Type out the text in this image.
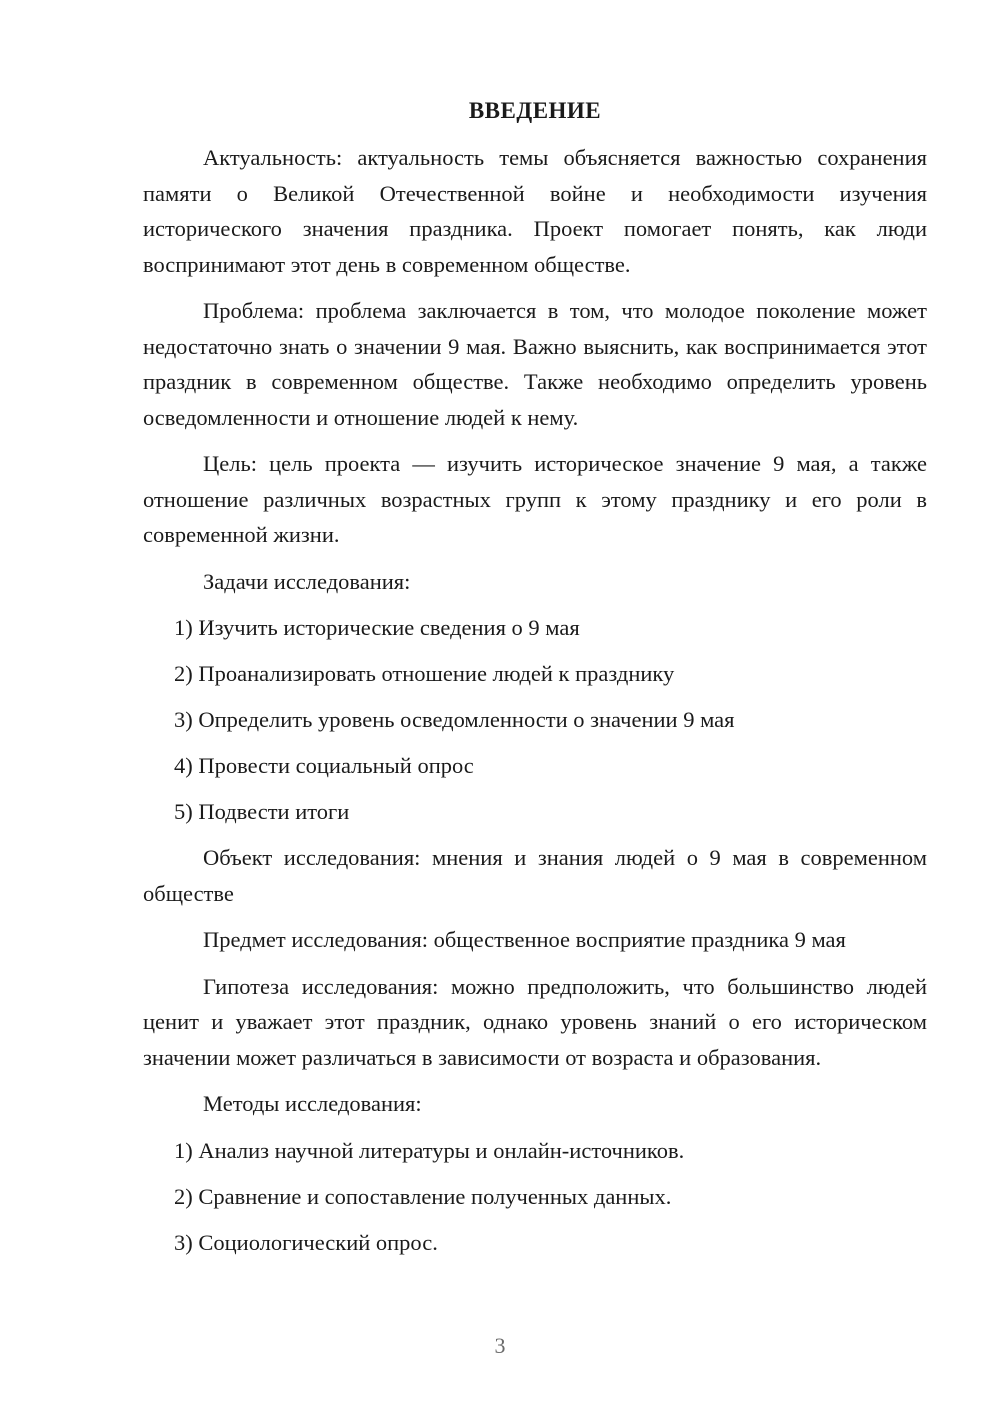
ВВЕДЕНИЕ

Актуальность: актуальность темы объясняется важностью сохранения памяти о Великой Отечественной войне и необходимости изучения исторического значения праздника. Проект помогает понять, как люди воспринимают этот день в современном обществе.

Проблема: проблема заключается в том, что молодое поколение может недостаточно знать о значении 9 мая. Важно выяснить, как воспринимается этот праздник в современном обществе. Также необходимо определить уровень осведомленности и отношение людей к нему.

Цель: цель проекта — изучить историческое значение 9 мая, а также отношение различных возрастных групп к этому празднику и его роли в современной жизни.

Задачи исследования:

1) Изучить исторические сведения о 9 мая
2) Проанализировать отношение людей к празднику
3) Определить уровень осведомленности о значении 9 мая
4) Провести социальный опрос
5) Подвести итоги

Объект исследования: мнения и знания людей о 9 мая в современном обществе

Предмет исследования: общественное восприятие праздника 9 мая

Гипотеза исследования: можно предположить, что большинство людей ценит и уважает этот праздник, однако уровень знаний о его историческом значении может различаться в зависимости от возраста и образования.

Методы исследования:

1) Анализ научной литературы и онлайн-источников.
2) Сравнение и сопоставление полученных данных.
3) Социологический опрос.
3
